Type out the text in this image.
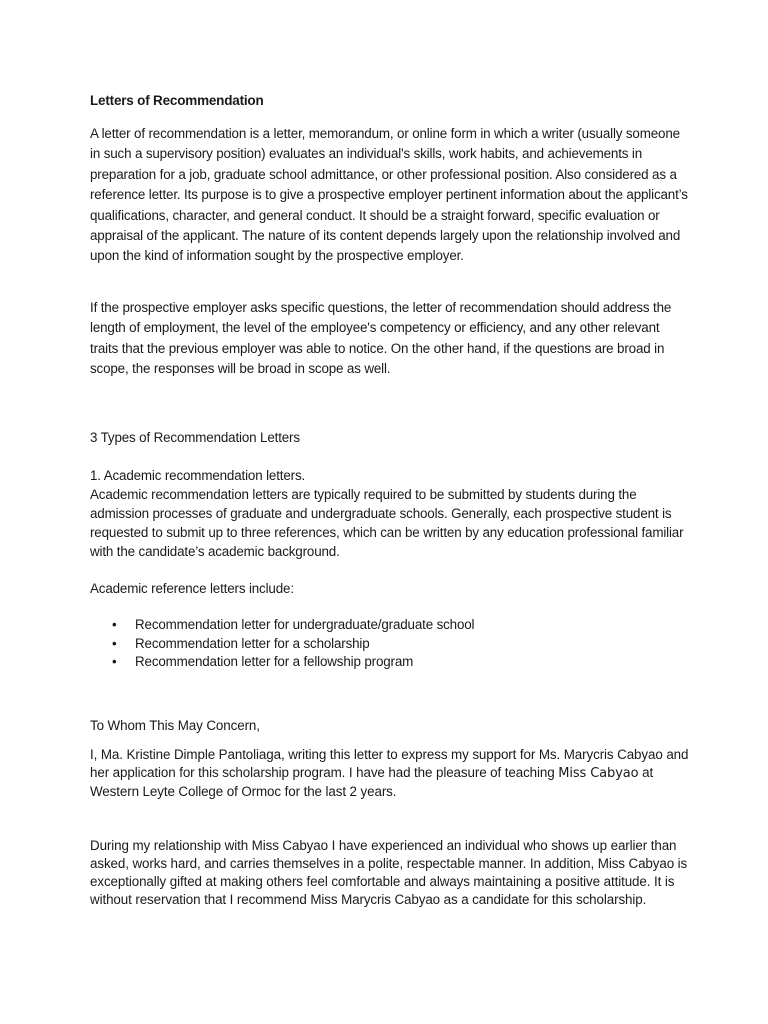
Letters of Recommendation

A letter of recommendation is a letter, memorandum, or online form in which a writer (usually someone in such a supervisory position) evaluates an individual's skills, work habits, and achievements in preparation for a job, graduate school admittance, or other professional position. Also considered as a reference letter. Its purpose is to give a prospective employer pertinent information about the applicant’s qualifications, character, and general conduct. It should be a straight forward, specific evaluation or appraisal of the applicant. The nature of its content depends largely upon the relationship involved and upon the kind of information sought by the prospective employer.

If the prospective employer asks specific questions, the letter of recommendation should address the length of employment, the level of the employee's competency or efficiency, and any other relevant traits that the previous employer was able to notice. On the other hand, if the questions are broad in scope, the responses will be broad in scope as well.

3 Types of Recommendation Letters
1. Academic recommendation letters.

Academic recommendation letters are typically required to be submitted by students during the admission processes of graduate and undergraduate schools. Generally, each prospective student is requested to submit up to three references, which can be written by any education professional familiar with the candidate’s academic background.

Academic reference letters include:

• Recommendation letter for undergraduate/graduate school
• Recommendation letter for a scholarship
• Recommendation letter for a fellowship program

To Whom This May Concern,

I, Ma. Kristine Dimple Pantoliaga, writing this letter to express my support for Ms. Marycris Cabyao and her application for this scholarship program. I have had the pleasure of teaching Miss Cabyao at Western Leyte College of Ormoc for the last 2 years.

During my relationship with Miss Cabyao I have experienced an individual who shows up earlier than asked, works hard, and carries themselves in a polite, respectable manner. In addition, Miss Cabyao is exceptionally gifted at making others feel comfortable and always maintaining a positive attitude. It is without reservation that I recommend Miss Marycris Cabyao as a candidate for this scholarship.
